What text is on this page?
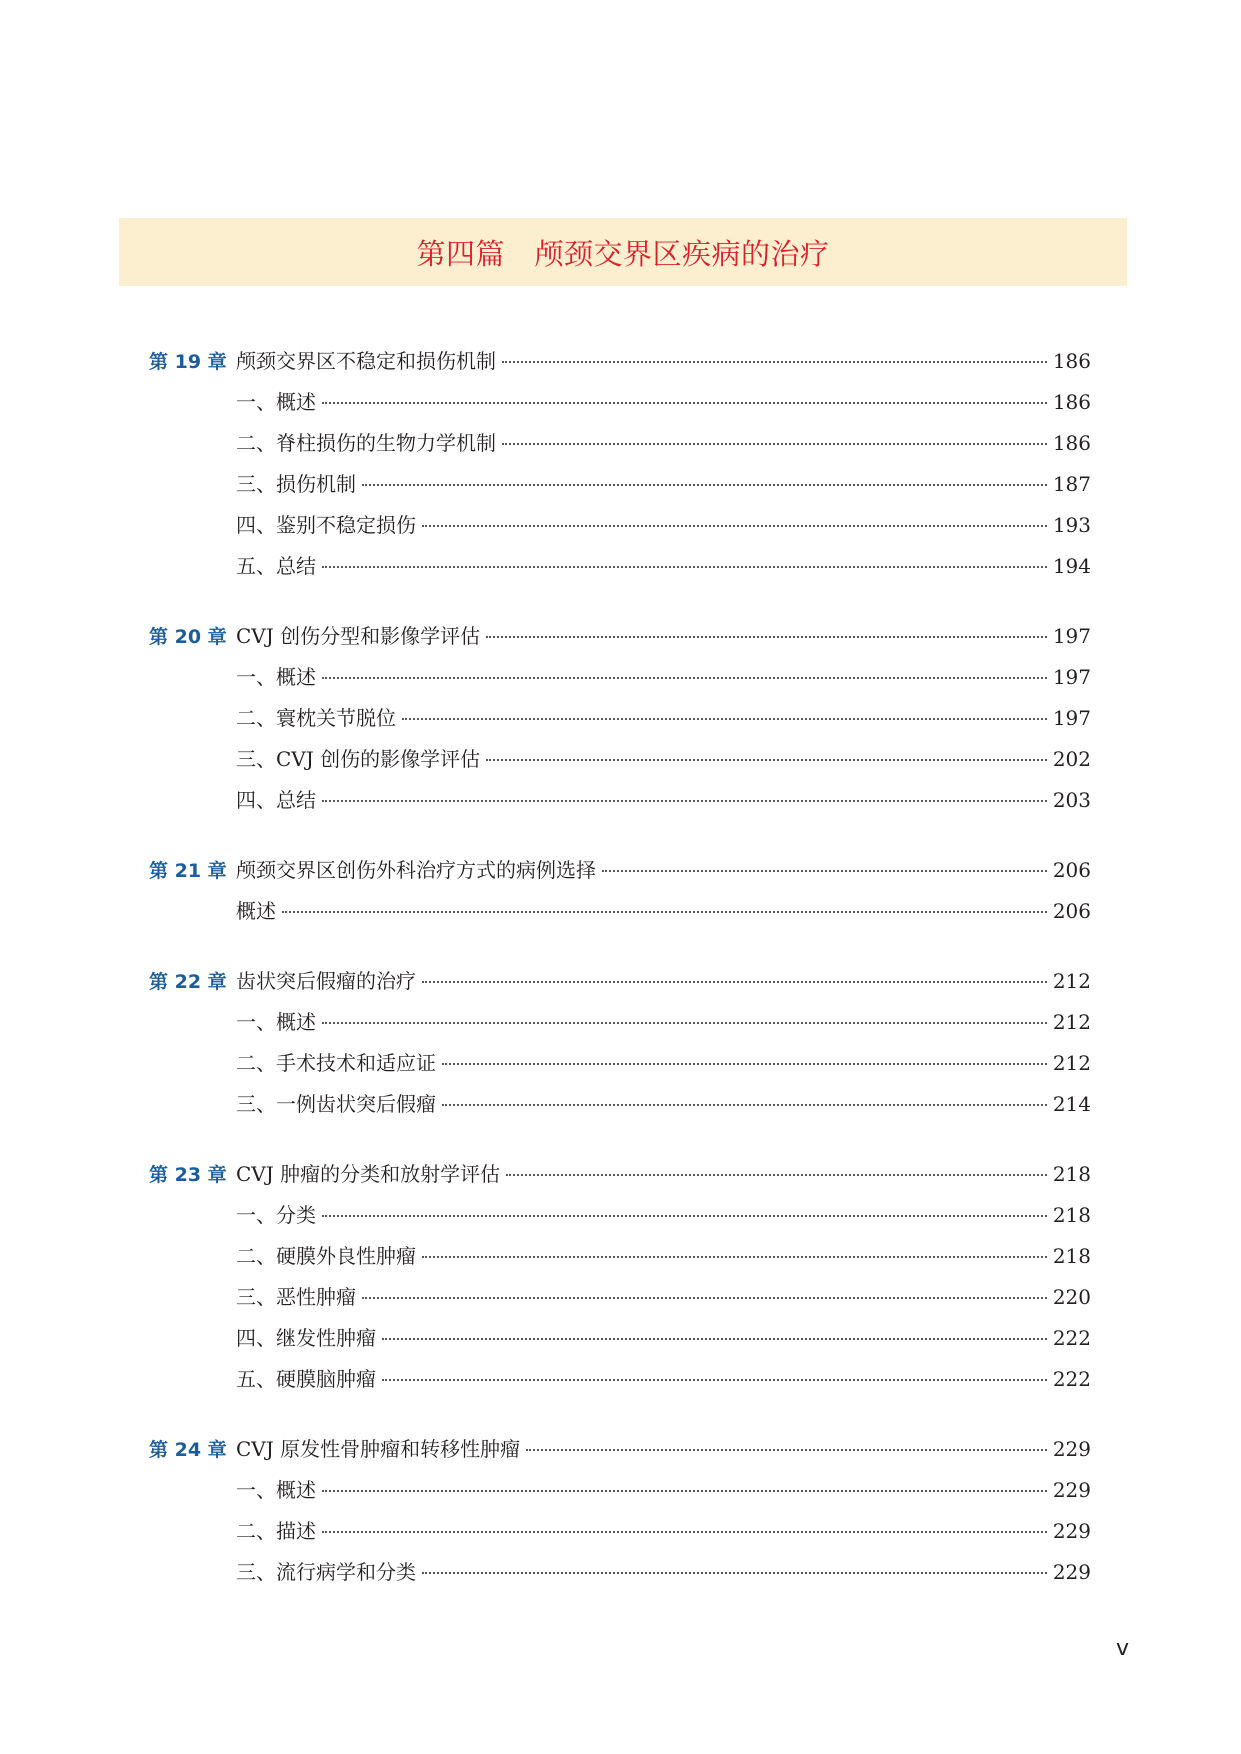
第四篇　颅颈交界区疾病的治疗
第 19 章 颅颈交界区不稳定和损伤机制	186
一、概述	186
二、脊柱损伤的生物力学机制	186
三、损伤机制	187
四、鉴别不稳定损伤	193
五、总结	194
第 20 章 CVJ 创伤分型和影像学评估	197
一、概述	197
二、寰枕关节脱位	197
三、CVJ 创伤的影像学评估	202
四、总结	203
第 21 章 颅颈交界区创伤外科治疗方式的病例选择	206
概述	206
第 22 章 齿状突后假瘤的治疗	212
一、概述	212
二、手术技术和适应证	212
三、一例齿状突后假瘤	214
第 23 章 CVJ 肿瘤的分类和放射学评估	218
一、分类	218
二、硬膜外良性肿瘤	218
三、恶性肿瘤	220
四、继发性肿瘤	222
五、硬膜脑肿瘤	222
第 24 章 CVJ 原发性骨肿瘤和转移性肿瘤	229
一、概述	229
二、描述	229
三、流行病学和分类	229
v
